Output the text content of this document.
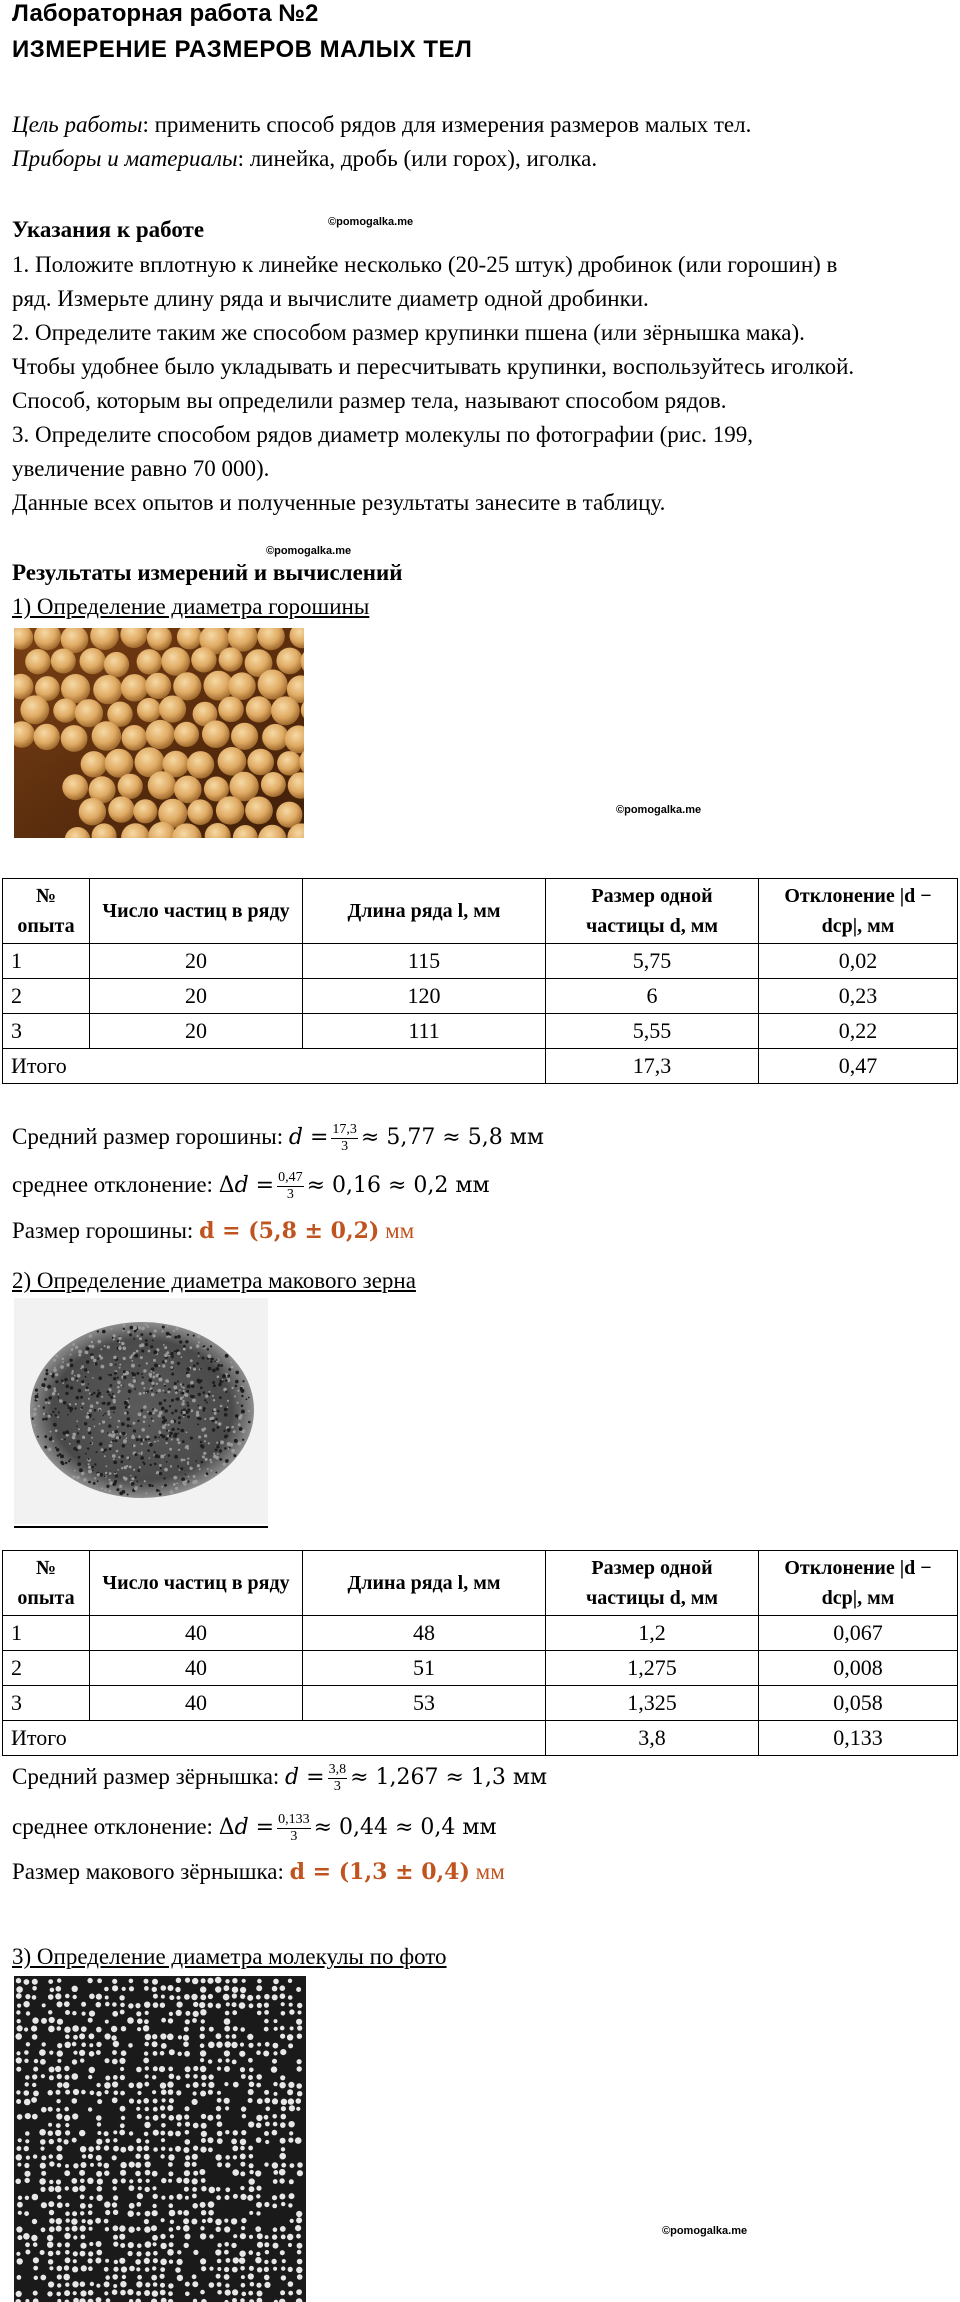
Лабораторная работа №2
ИЗМЕРЕНИЕ РАЗМЕРОВ МАЛЫХ ТЕЛ
Цель работы: применить способ рядов для измерения размеров малых тел.
Приборы и материалы: линейка, дробь (или горох), иголка.
Указания к работе	©pomogalka.me
1. Положите вплотную к линейке несколько (20-25 штук) дробинок (или горошин) в
ряд. Измерьте длину ряда и вычислите диаметр одной дробинки.
2. Определите таким же способом размер крупинки пшена (или зёрнышка мака).
Чтобы удобнее было укладывать и пересчитывать крупинки, воспользуйтесь иголкой.
Способ, которым вы определили размер тела, называют способом рядов.
3. Определите способом рядов диаметр молекулы по фотографии (рис. 199,
увеличение равно 70 000).
Данные всех опытов и полученные результаты занесите в таблицу.
©pomogalka.me
Результаты измерений и вычислений
1) Определение диаметра горошины
©pomogalka.me
№ опыта	Число частиц в ряду	Длина ряда l, мм	Размер одной частицы d, мм	Отклонение |d − dcp|, мм
1	20	115	5,75	0,02
2	20	120	6	0,23
3	20	111	5,55	0,22
Итого			17,3	0,47
Средний размер горошины: 𝑑 = $\frac{17,3}{3} \approx 5,77 \approx 5,8$ мм
среднее отклонение: Δ𝑑 = $\frac{0,47}{3} \approx 0,16 \approx 0,2$ мм
Размер горошины: d = (5,8 ± 0,2) мм
2) Определение диаметра макового зерна
№ опыта	Число частиц в ряду	Длина ряда l, мм	Размер одной частицы d, мм	Отклонение |d − dcp|, мм
1	40	48	1,2	0,067
2	40	51	1,275	0,008
3	40	53	1,325	0,058
Итого			3,8	0,133
Средний размер зёрнышка: 𝑑 = $\frac{3,8}{3} \approx 1,267 \approx 1,3$ мм
среднее отклонение: Δ𝑑 = $\frac{0,133}{3} \approx 0,44 \approx 0,4$ мм
Размер макового зёрнышка: d = (1,3 ± 0,4) мм
3) Определение диаметра молекулы по фото
©pomogalka.me
